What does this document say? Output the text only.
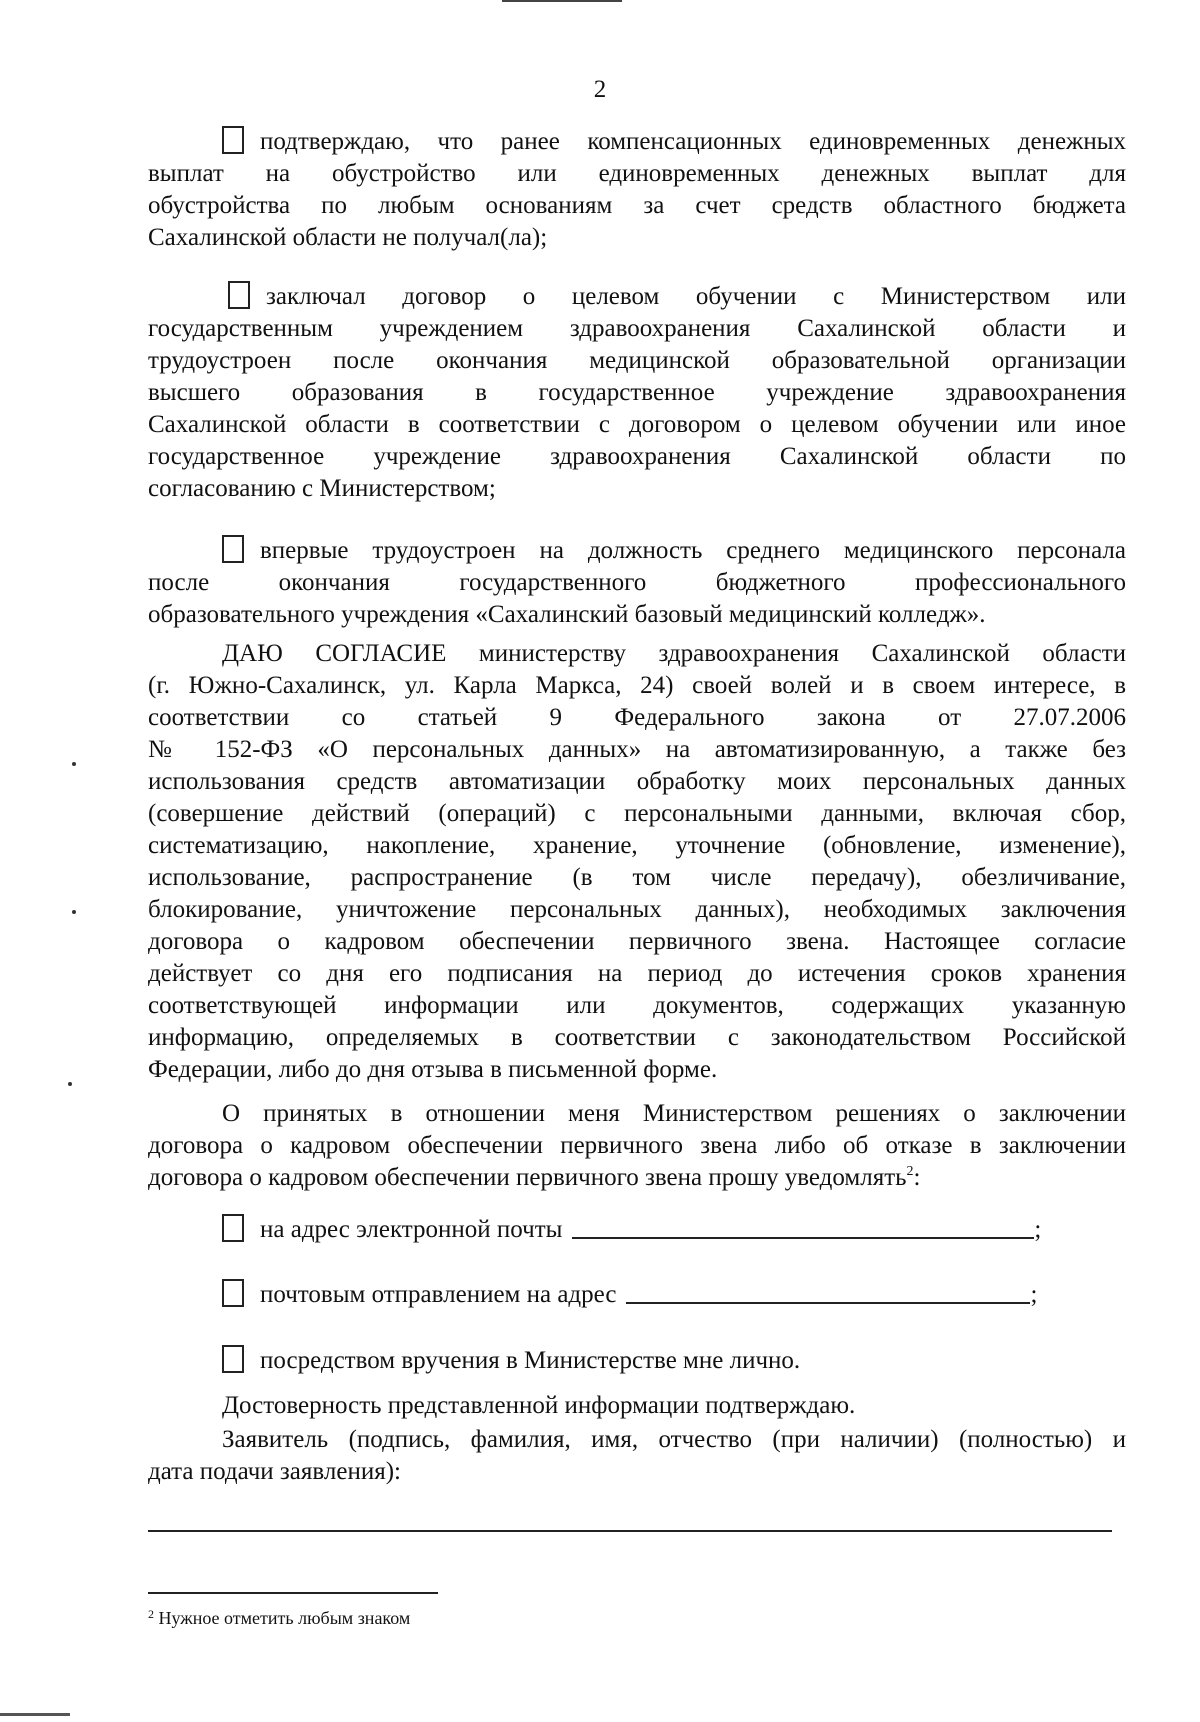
2
подтверждаю, что ранее компенсационных единовременных денежных
выплат на обустройство или единовременных денежных выплат для
обустройства по любым основаниям за счет средств областного бюджета
Сахалинской области не получал(ла);
заключал договор о целевом обучении с Министерством или
государственным учреждением здравоохранения Сахалинской области и
трудоустроен после окончания медицинской образовательной организации
высшего образования в государственное учреждение здравоохранения
Сахалинской области в соответствии с договором о целевом обучении или иное
государственное учреждение здравоохранения Сахалинской области по
согласованию с Министерством;
впервые трудоустроен на должность среднего медицинского персонала
после окончания государственного бюджетного профессионального
образовательного учреждения «Сахалинский базовый медицинский колледж».
ДАЮ СОГЛАСИЕ министерству здравоохранения Сахалинской области
(г. Южно-Сахалинск, ул. Карла Маркса, 24) своей волей и в своем интересе, в
соответствии со статьей 9 Федерального закона от 27.07.2006
№ 152-ФЗ «О персональных данных» на автоматизированную, а также без
использования средств автоматизации обработку моих персональных данных
(совершение действий (операций) с персональными данными, включая сбор,
систематизацию, накопление, хранение, уточнение (обновление, изменение),
использование, распространение (в том числе передачу), обезличивание,
блокирование, уничтожение персональных данных), необходимых заключения
договора о кадровом обеспечении первичного звена. Настоящее согласие
действует со дня его подписания на период до истечения сроков хранения
соответствующей информации или документов, содержащих указанную
информацию, определяемых в соответствии с законодательством Российской
Федерации, либо до дня отзыва в письменной форме.
О принятых в отношении меня Министерством решениях о заключении
договора о кадровом обеспечении первичного звена либо об отказе в заключении
договора о кадровом обеспечении первичного звена прошу уведомлять$^2$:
на адрес электронной почты	;
почтовым отправлением на адрес	;
посредством вручения в Министерстве мне лично.
Достоверность представленной информации подтверждаю.
Заявитель (подпись, фамилия, имя, отчество (при наличии) (полностью) и
дата подачи заявления):
$^2$ Нужное отметить любым знаком
